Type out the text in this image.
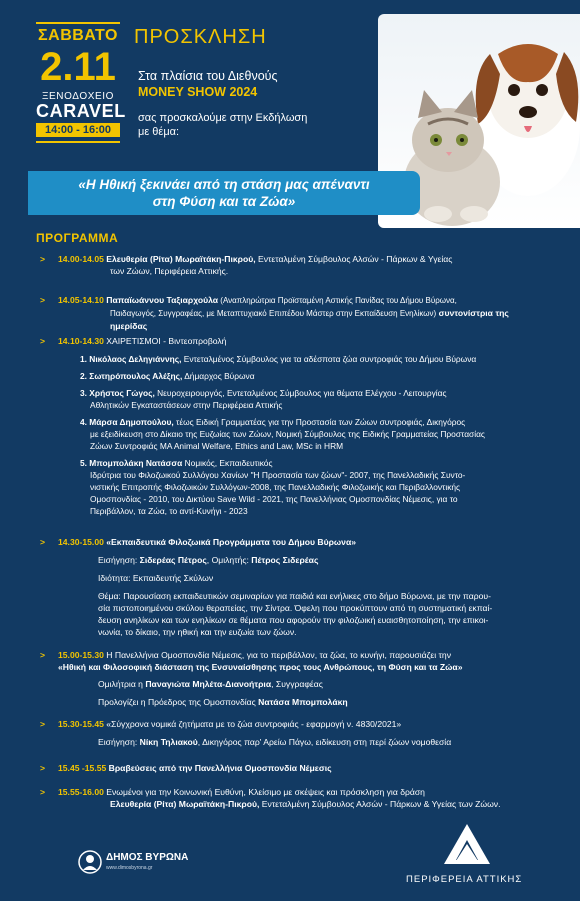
ΣΑΒΒΑΤΟ
2.11
ΞΕΝΟΔΟΧΕΙΟ
CARAVEL
14:00 - 16:00
ΠΡΟΣΚΛΗΣΗ
Στα πλαίσια του Διεθνούς
MONEY SHOW 2024
σας προσκαλούμε στην Εκδήλωση
με θέμα:
«Η Ηθική ξεκινάει από τη στάση μας απέναντι
στη Φύση και τα Ζώα»
ΠΡΟΓΡΑΜΜΑ
> 14.00-14.05 Ελευθερία (Ρίτα) Μωραϊτάκη-Πικρού, Εντεταλμένη Σύμβουλος Αλσών - Πάρκων & Υγείας
των Ζώων, Περιφέρεια Αττικής.
> 14.05-14.10 Παπαϊωάννου Ταξιαρχούλα (Αναπληρώτρια Προϊσταμένη Αστικής Πανίδας του Δήμου Βύρωνα,
Παιδαγωγός, Συγγραφέας, με Μεταπτυχιακό Επιπέδου Μάστερ στην Εκπαίδευση Ενηλίκων) συντονίστρια της ημερίδας
> 14.10-14.30 ΧΑΙΡΕΤΙΣΜΟΙ - Βιντεοπροβολή
1. Νικόλαος Δεληγιάννης, Εντεταλμένος Σύμβουλος για τα αδέσποτα ζώα συντροφιάς του Δήμου Βύρωνα
2. Σωτηρόπουλος Αλέξης, Δήμαρχος Βύρωνα
3. Χρήστος Γώγος, Νευροχειρουργός, Εντεταλμένος Σύμβουλος για θέματα Ελέγχου - Λειτουργίας
Αθλητικών Εγκαταστάσεων στην Περιφέρεια Αττικής
4. Μάρσα Δημοπούλου, τέως Ειδική Γραμματέας για την Προστασία των Ζώων συντροφιάς, Δικηγόρος
με εξειδίκευση στο Δίκαιο της Ευζωίας των Ζώων, Νομική Σύμβουλος της Ειδικής Γραμματείας Προστασίας
Ζώων Συντροφιάς MA Animal Welfare, Ethics and Law, MSc in HRM
5. Μπομπολάκη Νατάσσα Νομικός, Εκπαιδευτικός
Ιδρύτρια του Φιλοζωικού Συλλόγου Χανίων "Η Προστασία των ζώων"- 2007, της Πανελλαδικής Συντο-
νιστικής Επιτροπής Φιλοζωικών Συλλόγων-2008, της Πανελλαδικής Φιλοζωικής και Περιβαλλοντικής
Ομοσπονδίας - 2010, του Δικτύου Save Wild - 2021, της Πανελλήνιας Ομοσπονδίας Νέμεσις, για το
Περιβάλλον, τα Ζώα, το αντί-Κυνήγι - 2023
> 14.30-15.00 «Εκπαιδευτικά Φιλοζωικά Προγράμματα του Δήμου Βύρωνα»
Εισήγηση: Σιδερέας Πέτρος, Ομιλητής: Πέτρος Σιδερέας
Ιδιότητα: Εκπαιδευτής Σκύλων
Θέμα: Παρουσίαση εκπαιδευτικών σεμιναρίων για παιδιά και ενήλικες στο δήμο Βύρωνα, με την παρου-
σία πιστοποιημένου σκύλου θεραπείας, την Σίντρα. Όφελη που προκύπτουν από τη συστηματική εκπαί-
δευση ανηλίκων και των ενηλίκων σε θέματα που αφορούν την φιλοζωική ευαισθητοποίηση, την επικοι-
νωνία, το δίκαιο, την ηθική και την ευζωία των ζώων.
> 15.00-15.30 Η Πανελλήνια Ομοσπονδία Νέμεσις, για το περιβάλλον, τα ζώα, το κυνήγι, παρουσιάζει την
«Ηθική και Φιλοσοφική διάσταση της Ενσυναίσθησης προς τους Ανθρώπους, τη Φύση και τα Ζώα»
Ομιλήτρια η Παναγιώτα Μηλέτα-Διανοήτρια, Συγγραφέας
Προλογίζει η Πρόεδρος της Ομοσπονδίας Νατάσα Μπομπολάκη
> 15.30-15.45 «Σύγχρονα νομικά ζητήματα με το ζώα συντροφιάς - εφαρμογή ν. 4830/2021»
Εισήγηση: Νίκη Τηλιακού, Δικηγόρος παρ' Αρείω Πάγω, ειδίκευση στη περί ζώων νομοθεσία
> 15.45 -15.55 Βραβεύσεις από την Πανελλήνια Ομοσπονδία Νέμεσις
> 15.55-16.00 Ενωμένοι για την Κοινωνική Ευθύνη, Κλείσιμο με σκέψεις και πρόσκληση για δράση
Ελευθερία (Ρίτα) Μωραϊτάκη-Πικρού, Εντεταλμένη Σύμβουλος Αλσών - Πάρκων & Υγείας των Ζώων.
ΔΗΜΟΣ ΒΥΡΩΝΑ
www.dimosbyrona.gr
ΠΕΡΙΦΕΡΕΙΑ ΑΤΤΙΚΗΣ
